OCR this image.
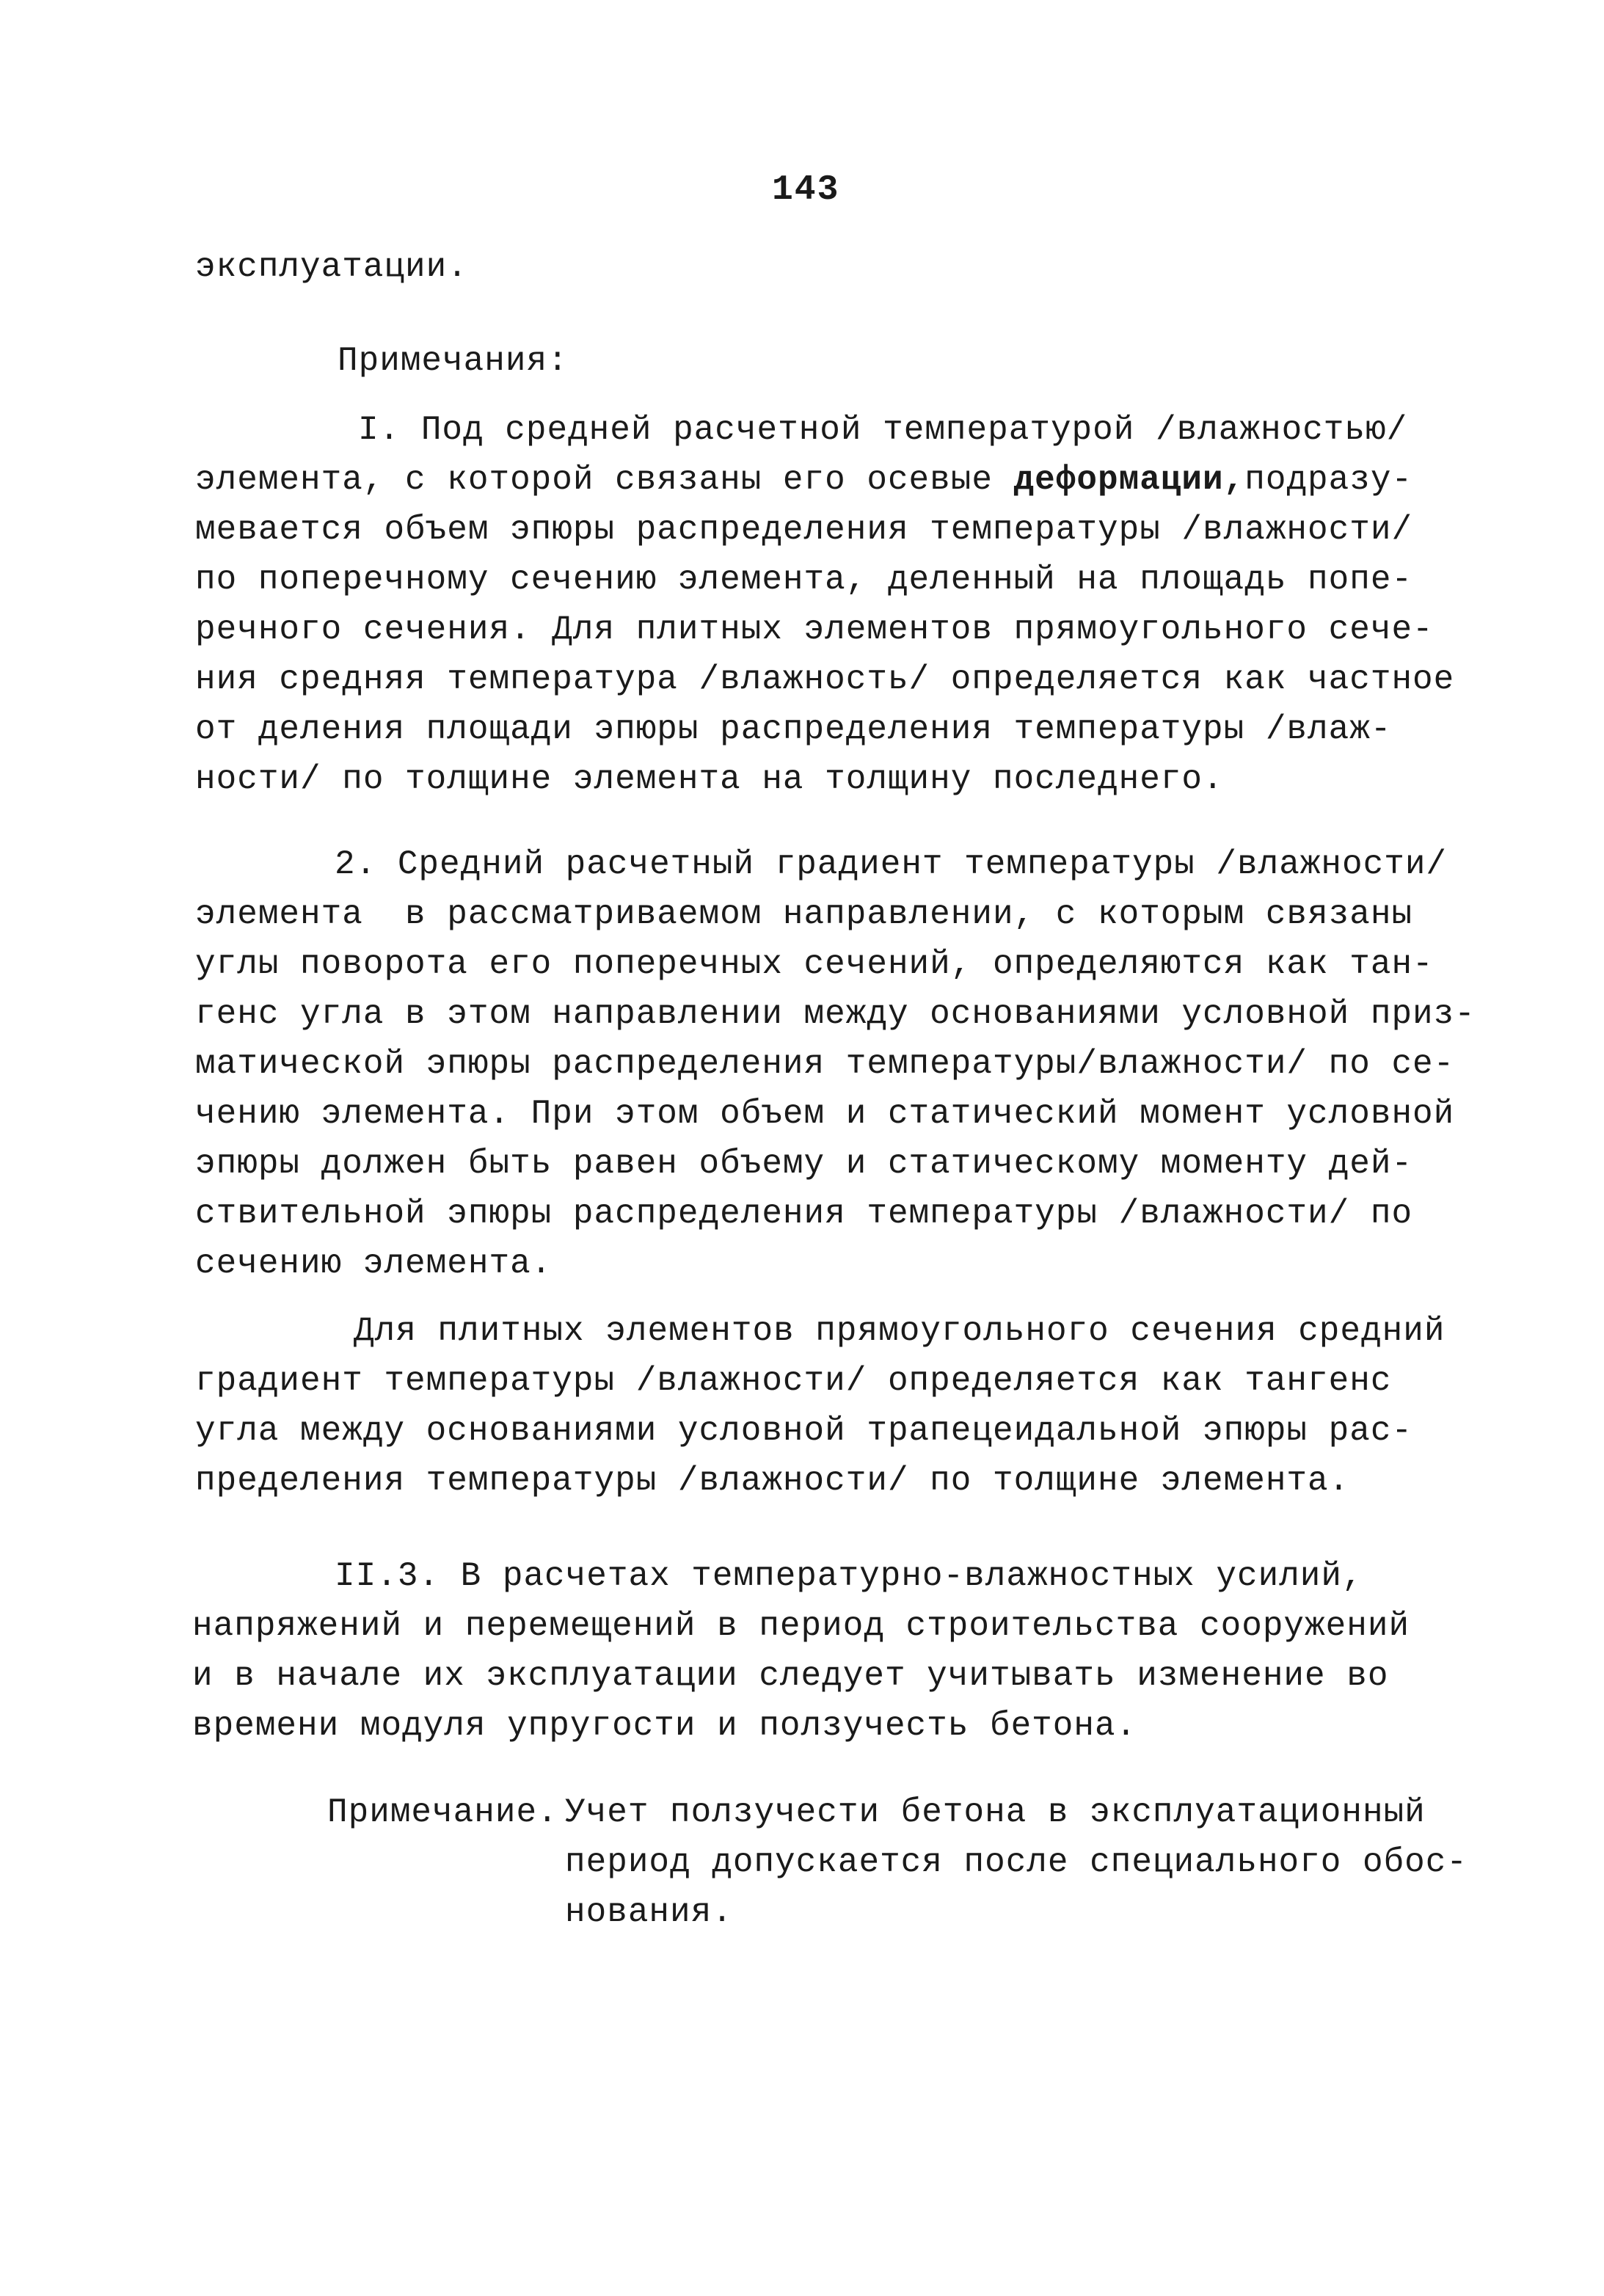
143
эксплуатации.
Примечания:
I. Под средней расчетной температурой /влажностью/
элемента, с которой связаны его осевые деформации,подразу-
мевается объем эпюры распределения температуры /влажности/
по поперечному сечению элемента, деленный на площадь попе-
речного сечения. Для плитных элементов прямоугольного сече-
ния средняя температура /влажность/ определяется как частное
от деления площади эпюры распределения температуры /влаж-
ности/ по толщине элемента на толщину последнего.
2. Средний расчетный градиент температуры /влажности/
элемента  в рассматриваемом направлении, с которым связаны
углы поворота его поперечных сечений, определяются как тан-
генс угла в этом направлении между основаниями условной приз-
матической эпюры распределения температуры/влажности/ по се-
чению элемента. При этом объем и статический момент условной
эпюры должен быть равен объему и статическому моменту дей-
ствительной эпюры распределения температуры /влажности/ по
сечению элемента.
Для плитных элементов прямоугольного сечения средний
градиент температуры /влажности/ определяется как тангенс
угла между основаниями условной трапецеидальной эпюры рас-
пределения температуры /влажности/ по толщине элемента.
II.3. В расчетах температурно-влажностных усилий,
напряжений и перемещений в период строительства сооружений
и в начале их эксплуатации следует учитывать изменение во
времени модуля упругости и ползучесть бетона.
Примечание. Учет ползучести бетона в эксплуатационный
период допускается после специального обос-
нования.
